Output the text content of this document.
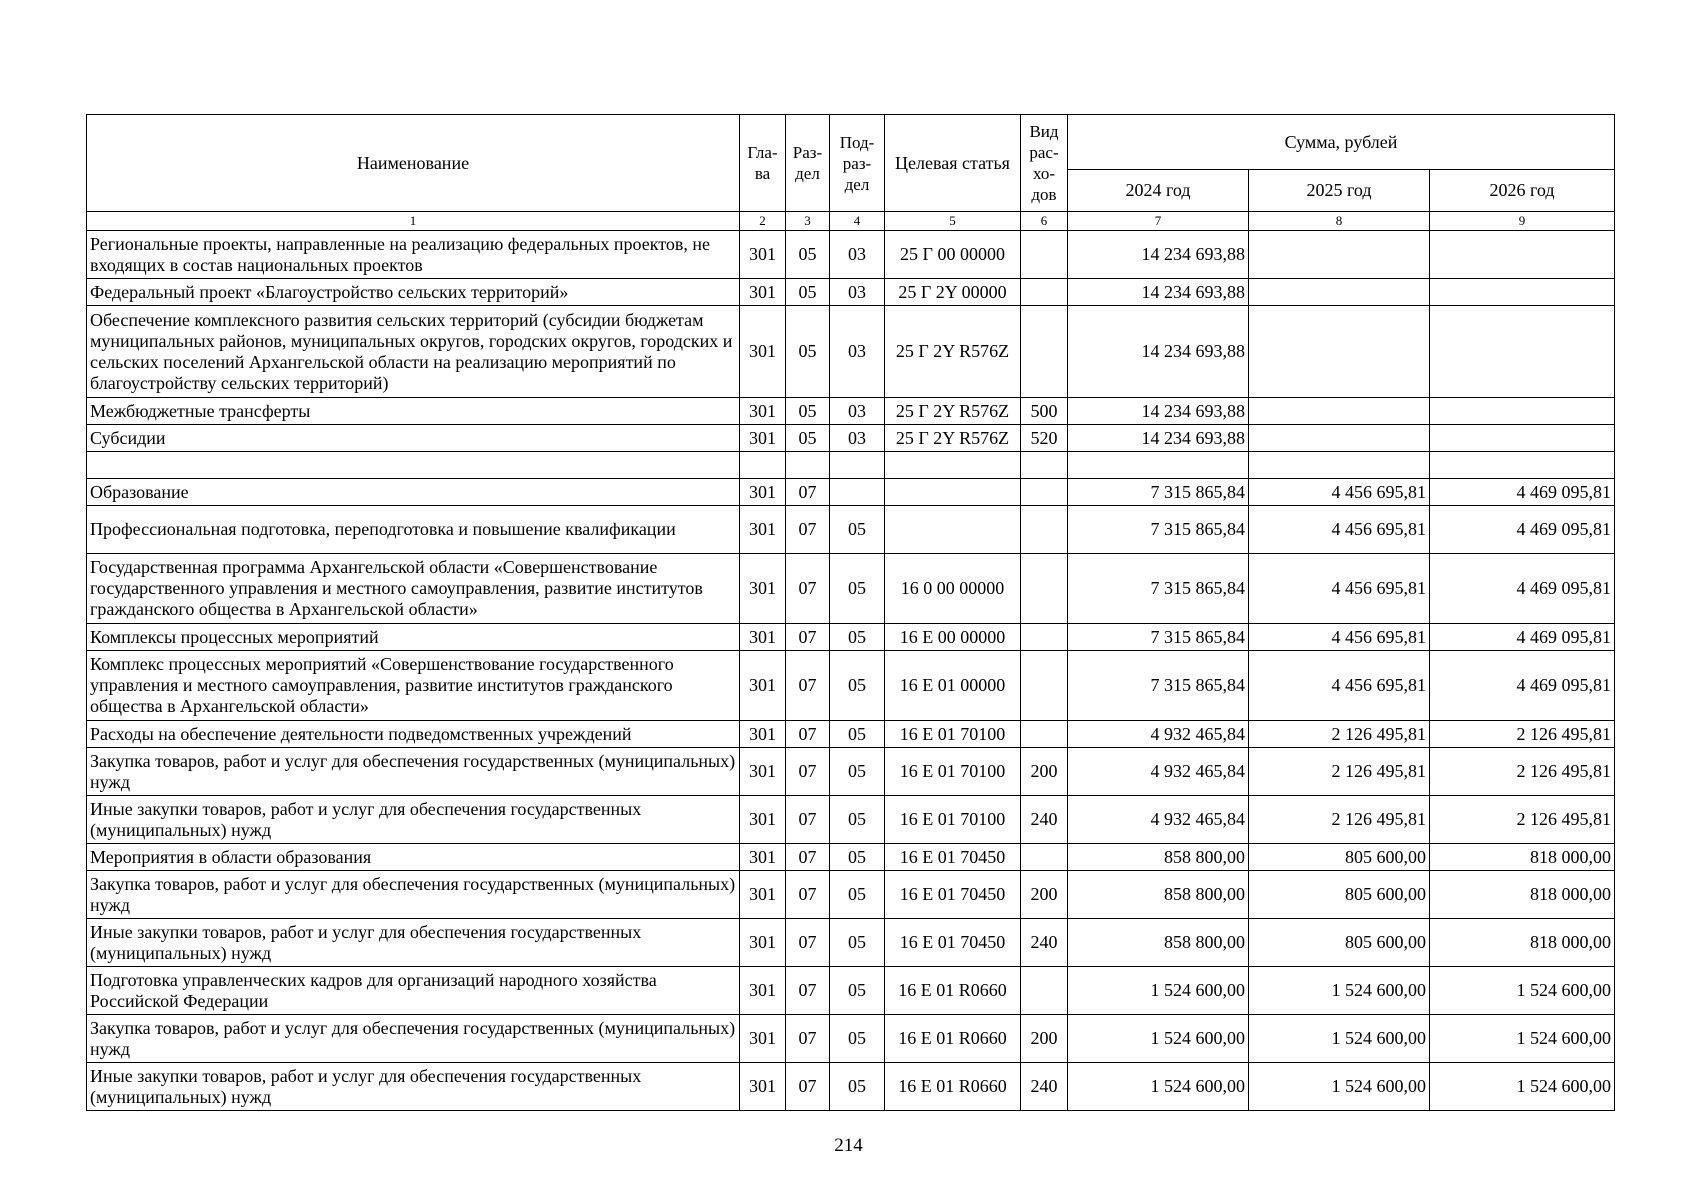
Наименование	Гла-ва	Раз-дел	Под-раз-дел	Целевая статья	Вид рас-хо-дов	Сумма, рублей		
						2024 год	2025 год	2026 год
1	2	3	4	5	6	7	8	9
Региональные проекты, направленные на реализацию федеральных проектов, не входящих в состав национальных проектов	301	05	03	25 Г 00 00000		14 234 693,88		
Федеральный проект «Благоустройство сельских территорий»	301	05	03	25 Г 2Y 00000		14 234 693,88		
Обеспечение комплексного развития сельских территорий (субсидии бюджетам муниципальных районов, муниципальных округов, городских округов, городских и сельских поселений Архангельской области на реализацию мероприятий по благоустройству сельских территорий)	301	05	03	25 Г 2Y R576Z		14 234 693,88		
Межбюджетные трансферты	301	05	03	25 Г 2Y R576Z	500	14 234 693,88		
Субсидии	301	05	03	25 Г 2Y R576Z	520	14 234 693,88		

Образование	301	07				7 315 865,84	4 456 695,81	4 469 095,81
Профессиональная подготовка, переподготовка и повышение квалификации	301	07	05			7 315 865,84	4 456 695,81	4 469 095,81
Государственная программа Архангельской области «Совершенствование государственного управления и местного самоуправления, развитие институтов гражданского общества в Архангельской области»	301	07	05	16 0 00 00000		7 315 865,84	4 456 695,81	4 469 095,81
Комплексы процессных мероприятий	301	07	05	16 Е 00 00000		7 315 865,84	4 456 695,81	4 469 095,81
Комплекс процессных мероприятий «Совершенствование государственного управления и местного самоуправления, развитие институтов гражданского общества в Архангельской области»	301	07	05	16 Е 01 00000		7 315 865,84	4 456 695,81	4 469 095,81
Расходы на обеспечение деятельности подведомственных учреждений	301	07	05	16 Е 01 70100		4 932 465,84	2 126 495,81	2 126 495,81
Закупка товаров, работ и услуг для обеспечения государственных (муниципальных) нужд	301	07	05	16 Е 01 70100	200	4 932 465,84	2 126 495,81	2 126 495,81
Иные закупки товаров, работ и услуг для обеспечения государственных (муниципальных) нужд	301	07	05	16 Е 01 70100	240	4 932 465,84	2 126 495,81	2 126 495,81
Мероприятия в области образования	301	07	05	16 Е 01 70450		858 800,00	805 600,00	818 000,00
Закупка товаров, работ и услуг для обеспечения государственных (муниципальных) нужд	301	07	05	16 Е 01 70450	200	858 800,00	805 600,00	818 000,00
Иные закупки товаров, работ и услуг для обеспечения государственных (муниципальных) нужд	301	07	05	16 Е 01 70450	240	858 800,00	805 600,00	818 000,00
Подготовка управленческих кадров для организаций народного хозяйства Российской Федерации	301	07	05	16 Е 01 R0660		1 524 600,00	1 524 600,00	1 524 600,00
Закупка товаров, работ и услуг для обеспечения государственных (муниципальных) нужд	301	07	05	16 Е 01 R0660	200	1 524 600,00	1 524 600,00	1 524 600,00
Иные закупки товаров, работ и услуг для обеспечения государственных (муниципальных) нужд	301	07	05	16 Е 01 R0660	240	1 524 600,00	1 524 600,00	1 524 600,00
214
